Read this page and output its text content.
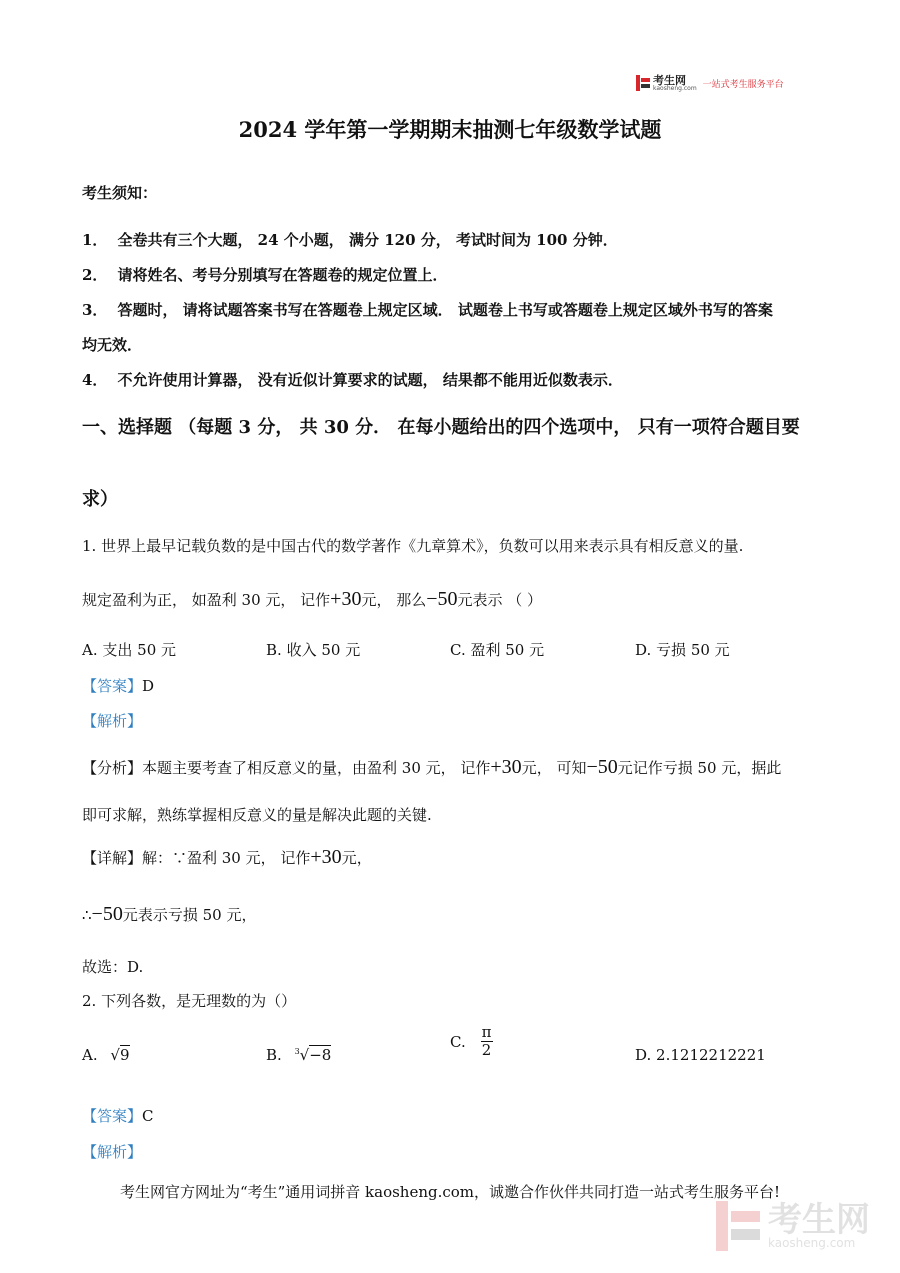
考生网
kaosheng.com 一站式考生服务平台
2024 学年第一学期期末抽测七年级数学试题
考生须知：
1． 全卷共有三个大题， 24 个小题， 满分 120 分， 考试时间为 100 分钟．
2． 请将姓名、考号分别填写在答题卷的规定位置上．
3． 答题时， 请将试题答案书写在答题卷上规定区域． 试题卷上书写或答题卷上规定区域外书写的答案
均无效．
4． 不允许使用计算器， 没有近似计算要求的试题， 结果都不能用近似数表示．
一、选择题 （每题 3 分， 共 30 分． 在每小题给出的四个选项中， 只有一项符合题目要
求）
1. 世界上最早记载负数的是中国古代的数学著作《九章算术》，负数可以用来表示具有相反意义的量.
规定盈利为正， 如盈利 30 元， 记作+30元， 那么−50元表示 （ ）
A. 支出 50 元	B. 收入 50 元	C. 盈利 50 元	D. 亏损 50 元
【答案】D
【解析】
【分析】本题主要考查了相反意义的量，由盈利 30 元， 记作+30元， 可知−50元记作亏损 50 元，据此
即可求解，熟练掌握相反意义的量是解决此题的关键.
【详解】解：∵盈利 30 元， 记作+30元，
∴−50元表示亏损 50 元，
故选：D.
2. 下列各数，是无理数的为（）
A. √9	B. $^3$√−8
C. $\frac{\pi}{2}$	D. 2.1212212221
【答案】C
【解析】
考生网官方网址为“考生”通用词拼音 kaosheng.com，诚邀合作伙伴共同打造一站式考生服务平台!
考生网
kaosheng.com
